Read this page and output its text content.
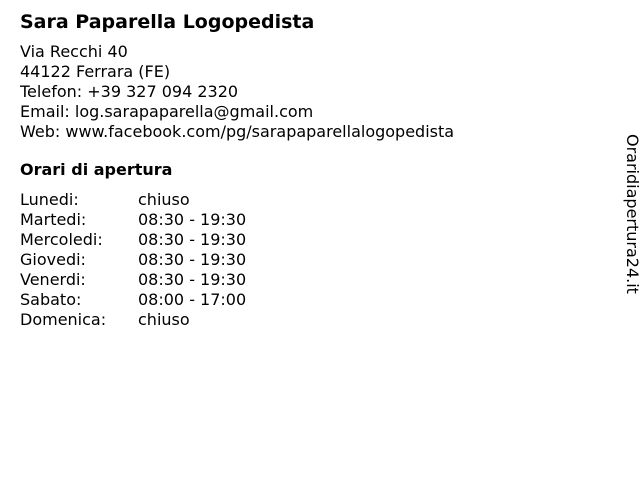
Sara Paparella Logopedista
Via Recchi 40
44122 Ferrara (FE)
Telefon: +39 327 094 2320
Email: log.sarapaparella@gmail.com
Web: www.facebook.com/pg/sarapaparellalogopedista
Orari di apertura
Lunedi:	chiuso
Martedi:	08:30 - 19:30
Mercoledi:	08:30 - 19:30
Giovedi:	08:30 - 19:30
Venerdi:	08:30 - 19:30
Sabato:	08:00 - 17:00
Domenica:	chiuso
Oraridiapertura24.it
